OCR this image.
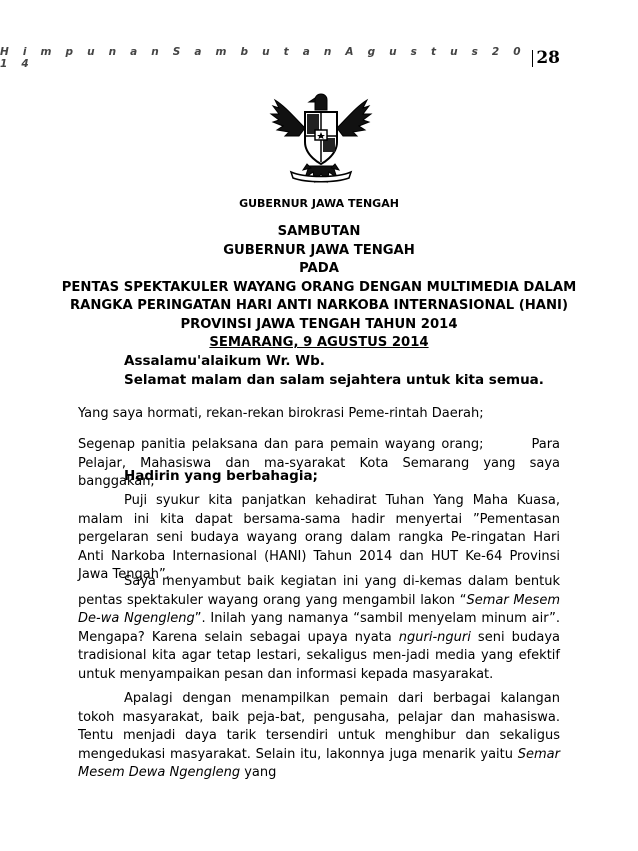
H i m p u n a n S a m b u t a n A g u s t u s 2 0 1 4	28
GUBERNUR JAWA TENGAH
SAMBUTAN
GUBERNUR JAWA TENGAH
PADA
PENTAS SPEKTAKULER WAYANG ORANG DENGAN MULTIMEDIA DALAM
RANGKA PERINGATAN HARI ANTI NARKOBA INTERNASIONAL (HANI)
PROVINSI JAWA TENGAH TAHUN 2014
SEMARANG, 9 AGUSTUS 2014
Assalamu'alaikum Wr. Wb.
Selamat malam dan salam sejahtera untuk kita semua.
Yang saya hormati, rekan-rekan birokrasi Peme-rintah Daerah;
Segenap panitia pelaksana dan para pemain wayang orang;        Para Pelajar, Mahasiswa dan ma-syarakat Kota Semarang yang saya banggakan;
Hadirin yang berbahagia;
Puji syukur kita panjatkan kehadirat Tuhan Yang Maha Kuasa, malam ini kita dapat bersama-sama hadir menyertai ”Pementasan pergelaran seni budaya wayang orang dalam rangka Pe-ringatan Hari Anti Narkoba Internasional (HANI) Tahun 2014 dan HUT Ke-64 Provinsi Jawa Tengah”.
Saya menyambut baik kegiatan ini yang di-kemas dalam bentuk pentas spektakuler wayang orang yang mengambil lakon “Semar Mesem De-wa Ngengleng”. Inilah yang namanya “sambil menyelam minum air”. Mengapa? Karena selain sebagai upaya nyata nguri-nguri seni budaya tradisional kita agar tetap lestari, sekaligus men-jadi media yang efektif untuk menyampaikan pesan dan informasi kepada masyarakat.
Apalagi dengan menampilkan pemain dari berbagai kalangan tokoh masyarakat, baik peja-bat, pengusaha, pelajar dan mahasiswa. Tentu menjadi daya tarik tersendiri untuk menghibur dan sekaligus mengedukasi masyarakat. Selain itu, lakonnya juga menarik yaitu Semar Mesem Dewa Ngengleng yang
